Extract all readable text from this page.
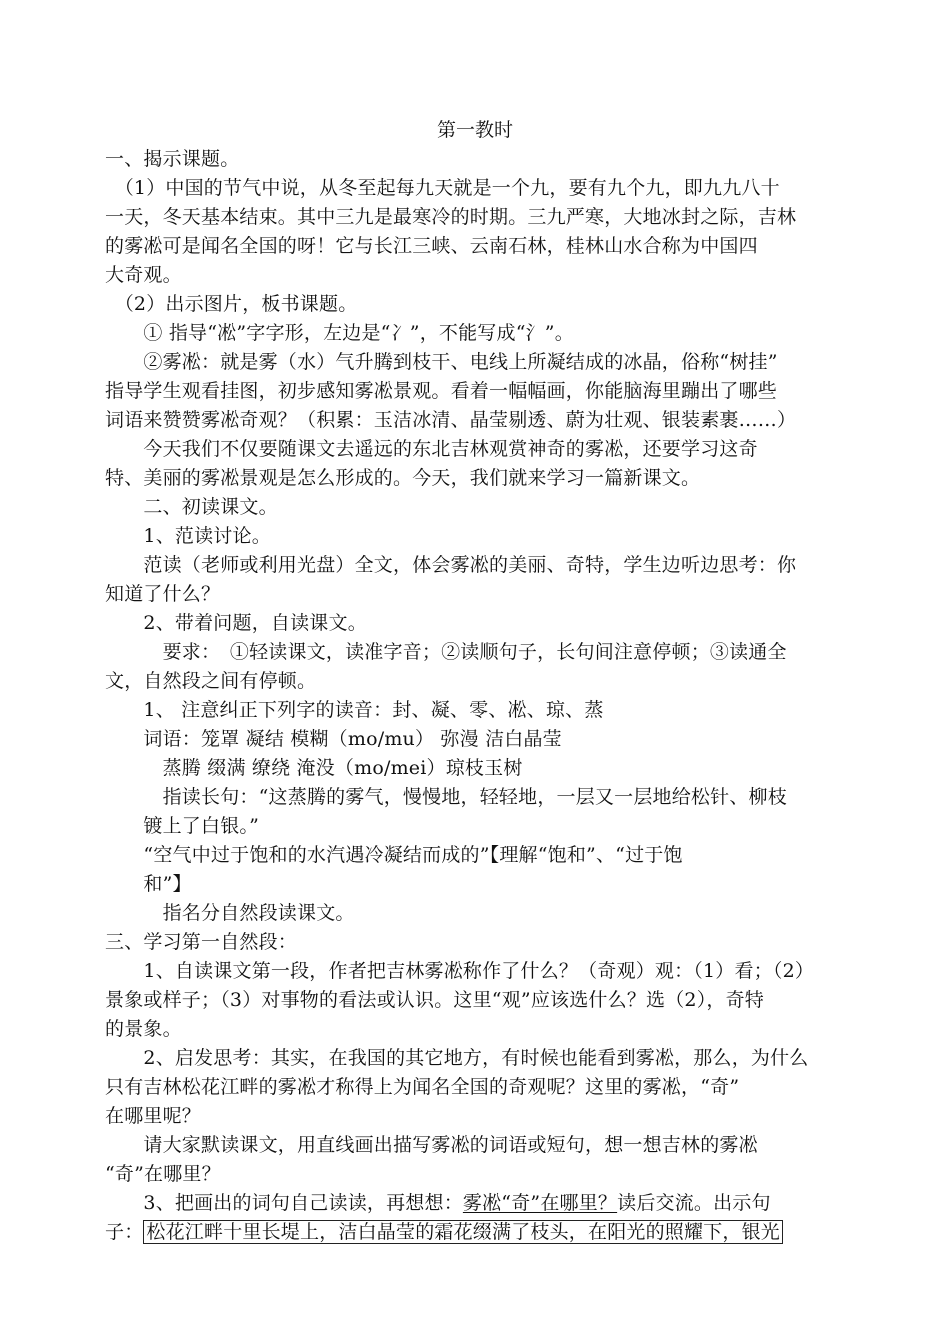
第一教时
一、揭示课题。
　（1）中国的节气中说，从冬至起每九天就是一个九，要有九个九，即九九八十
一天，冬天基本结束。其中三九是最寒冷的时期。三九严寒，大地冰封之际，吉林
的雾凇可是闻名全国的呀！它与长江三峡、云南石林，桂林山水合称为中国四
大奇观。
　（2）出示图片，板书课题。
　　① 指导“凇”字字形，左边是“冫”，不能写成“氵”。
　　②雾凇：就是雾（水）气升腾到枝干、电线上所凝结成的冰晶，俗称“树挂”
指导学生观看挂图，初步感知雾凇景观。看着一幅幅画，你能脑海里蹦出了哪些
词语来赞赞雾凇奇观？（积累：玉洁冰清、晶莹剔透、蔚为壮观、银装素裹……）
　　今天我们不仅要随课文去遥远的东北吉林观赏神奇的雾凇，还要学习这奇
特、美丽的雾凇景观是怎么形成的。今天，我们就来学习一篇新课文。
　　二、初读课文。
　　1、范读讨论。
　　范读（老师或利用光盘）全文，体会雾凇的美丽、奇特，学生边听边思考：你
知道了什么？
　　2、带着问题，自读课文。
　　　要求：　①轻读课文，读准字音；②读顺句子，长句间注意停顿；③读通全
文，自然段之间有停顿。
　　1、 注意纠正下列字的读音：封、凝、零、凇、琼、蒸
　　词语：笼罩 凝结 模糊（mo/mu） 弥漫 洁白晶莹
　　　蒸腾 缀满 缭绕 淹没（mo/mei）琼枝玉树
　　　指读长句：“这蒸腾的雾气，慢慢地，轻轻地，一层又一层地给松针、柳枝
　　镀上了白银。”
　　“空气中过于饱和的水汽遇冷凝结而成的”【理解“饱和”、“过于饱
　　和”】
　　　指名分自然段读课文。
三、学习第一自然段：
　　1、自读课文第一段，作者把吉林雾凇称作了什么？（奇观）观：（1）看；（2）
景象或样子；（3）对事物的看法或认识。这里“观”应该选什么？选（2），奇特
的景象。
　　2、启发思考：其实，在我国的其它地方，有时候也能看到雾凇，那么，为什么
只有吉林松花江畔的雾凇才称得上为闻名全国的奇观呢？这里的雾凇，“奇”
在哪里呢？
　　请大家默读课文，用直线画出描写雾凇的词语或短句，想一想吉林的雾凇
“奇”在哪里？
　　3、把画出的词句自己读读，再想想：雾凇“奇”在哪里？读后交流。出示句
子： 松花江畔十里长堤上，洁白晶莹的霜花缀满了枝头，在阳光的照耀下，银光
